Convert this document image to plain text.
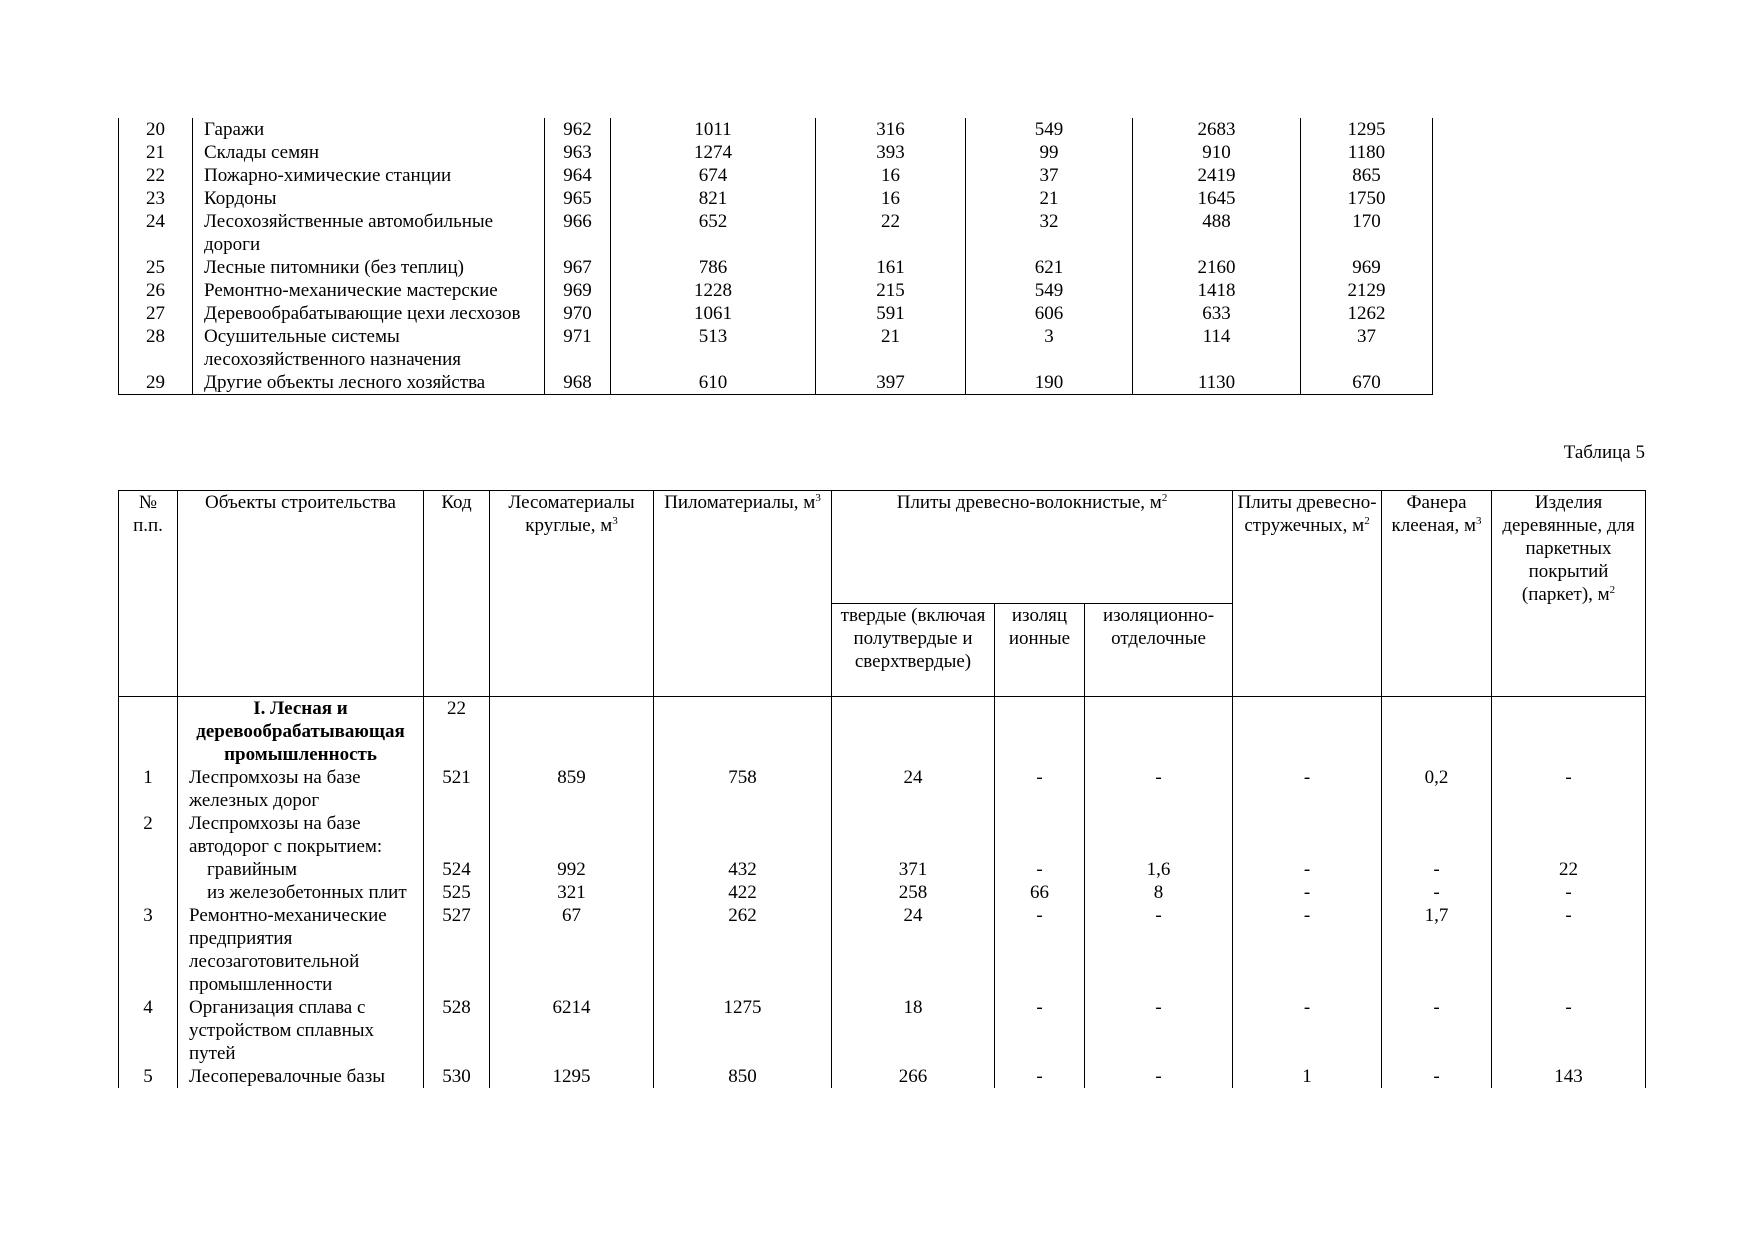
20	Гаражи	962	1011	316	549	2683	1295
21	Склады семян	963	1274	393	99	910	1180
22	Пожарно-химические станции	964	674	16	37	2419	865
23	Кордоны	965	821	16	21	1645	1750
24	Лесохозяйственные автомобильные дороги	966	652	22	32	488	170
25	Лесные питомники (без теплиц)	967	786	161	621	2160	969
26	Ремонтно-механические мастерские	969	1228	215	549	1418	2129
27	Деревообрабатывающие цехи лесхозов	970	1061	591	606	633	1262
28	Осушительные системы лесохозяйственного назначения	971	513	21	3	114	37
29	Другие объекты лесного хозяйства	968	610	397	190	1130	670
Таблица 5
№ п.п.	Объекты строительства	Код	Лесоматериалы круглые, $м^3$	Пиломатериалы, $м^3$	Плиты древесно-волокнистые, $м^2$			Плиты древесно-стружечных, $м^2$	Фанера клееная, $м^3$	Изделия деревянные, для паркетных покрытий (паркет), $м^2$
					твердые (включая полутвердые и сверхтвердые)	изоляц ионные	изоляционно-отделочные			
	I. Лесная и деревообрабатывающая промышленность	22								
1	Леспромхозы на базе железных дорог	521	859	758	24	-	-	-	0,2	-
2	Леспромхозы на базе автодорог с покрытием:									
	гравийным	524	992	432	371	-	1,6	-	-	22
	из железобетонных плит	525	321	422	258	66	8	-	-	-
3	Ремонтно-механические предприятия лесозаготовительной промышленности	527	67	262	24	-	-	-	1,7	-
4	Организация сплава с устройством сплавных путей	528	6214	1275	18	-	-	-	-	-
5	Лесоперевалочные базы	530	1295	850	266	-	-	1	-	143
